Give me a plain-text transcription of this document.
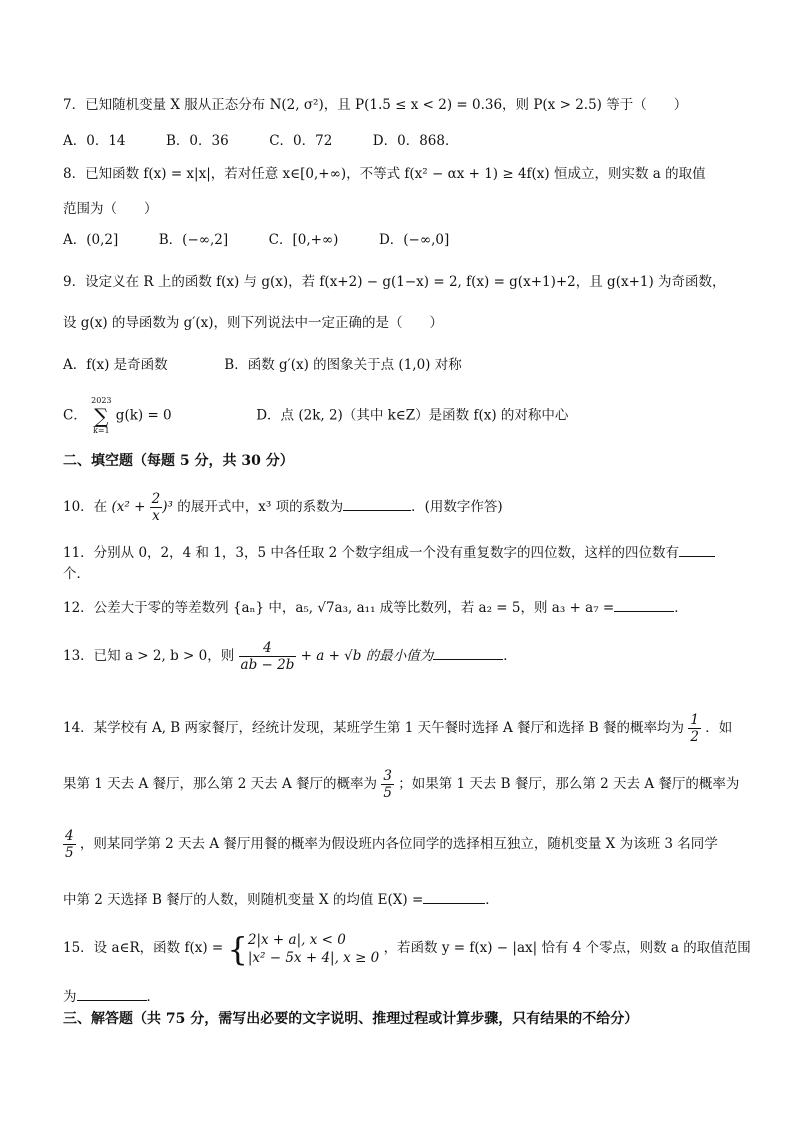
7．已知随机变量 X 服从正态分布 N(2, σ²)，且 P(1.5 ≤ x < 2) = 0.36，则 P(x > 2.5) 等于（　　）
A．0．14　　　B．0．36　　　C．0．72　　　D．0．868．
8．已知函数 f(x) = x|x|，若对任意 x∈[0,+∞)，不等式 f(x² − αx + 1) ≥ 4f(x) 恒成立，则实数 a 的取值
范围为（　　）
A．(0,2]　　　B．(−∞,2]　　　C．[0,+∞)　　　D．(−∞,0]
9．设定义在 R 上的函数 f(x) 与 g(x)，若 f(x+2) − g(1−x) = 2, f(x) = g(x+1)+2，且 g(x+1) 为奇函数，
设 g(x) 的导函数为 g′(x)，则下列说法中一定正确的是（　　）
A．f(x) 是奇函数	B．函数 g′(x) 的图象关于点 (1,0) 对称
C．
2023
∑
k=1
g(k) = 0	D．点 (2k, 2)（其中 k∈Z）是函数 f(x) 的对称中心
二、填空题（每题 5 分，共 30 分）
10．在 $(x^2 + \frac{2}{x} )^3$ 的展开式中，x³ 项的系数为	．(用数字作答)
11．分别从 0，2，4 和 1，3，5 中各任取 2 个数字组成一个没有重复数字的四位数，这样的四位数有
个．
12．公差大于零的等差数列 {aₙ} 中，a₅, √7a₃, a₁₁ 成等比数列，若 a₂ = 5，则 a₃ + a₇ =	．
13．已知 a > 2, b > 0，则 $\frac{4}{ab - 2b} + a + √b$ 的最小值为	．
14．某学校有 A, B 两家餐厅，经统计发现，某班学生第 1 天午餐时选择 A 餐厅和选择 B 餐的概率均为 $\frac{1}{2}$ ．如
果第 1 天去 A 餐厅，那么第 2 天去 A 餐厅的概率为 $\frac{3}{5}$ ；如果第 1 天去 B 餐厅，那么第 2 天去 A 餐厅的概率为
$\frac{4}{5}$ ，则某同学第 2 天去 A 餐厅用餐的概率为假设班内各位同学的选择相互独立，随机变量 X 为该班 3 名同学
中第 2 天选择 B 餐厅的人数，则随机变量 X 的均值 E(X) =	．
15．设 a∈R，函数 f(x) = { 2|x + a|, x < 0
|x² − 5x + 4|, x ≥ 0
，若函数 y = f(x) − |ax| 恰有 4 个零点，则数 a 的取值范围
为	．
三、解答题（共 75 分，需写出必要的文字说明、推理过程或计算步骤，只有结果的不给分）
